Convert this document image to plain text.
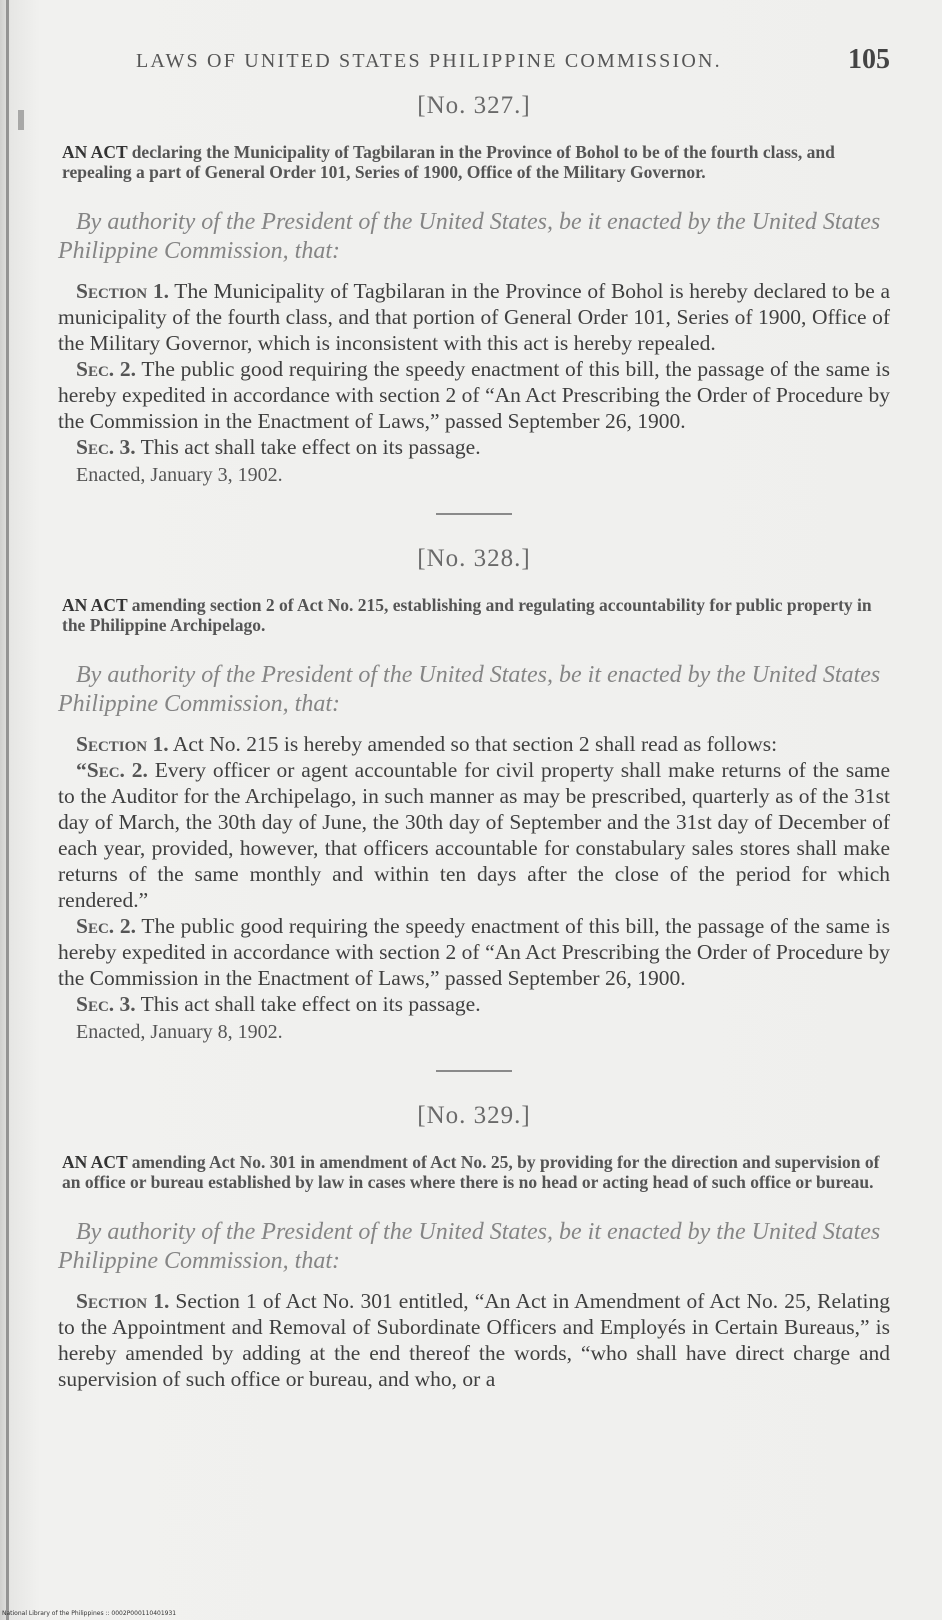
LAWS OF UNITED STATES PHILIPPINE COMMISSION.	105
[No. 327.]
AN ACT declaring the Municipality of Tagbilaran in the Province of Bohol to be of the fourth class, and repealing a part of General Order 101, Series of 1900, Office of the Military Governor.

By authority of the President of the United States, be it enacted by the United States Philippine Commission, that:

Section 1. The Municipality of Tagbilaran in the Province of Bohol is hereby declared to be a municipality of the fourth class, and that portion of General Order 101, Series of 1900, Office of the Military Governor, which is inconsistent with this act is hereby repealed.

Sec. 2. The public good requiring the speedy enactment of this bill, the passage of the same is hereby expedited in accordance with section 2 of “An Act Prescribing the Order of Procedure by the Commission in the Enactment of Laws,” passed September 26, 1900.

Sec. 3. This act shall take effect on its passage.

Enacted, January 3, 1902.

[No. 328.]
AN ACT amending section 2 of Act No. 215, establishing and regulating accountability for public property in the Philippine Archipelago.

By authority of the President of the United States, be it enacted by the United States Philippine Commission, that:

Section 1. Act No. 215 is hereby amended so that section 2 shall read as follows:

“Sec. 2. Every officer or agent accountable for civil property shall make returns of the same to the Auditor for the Archipelago, in such manner as may be prescribed, quarterly as of the 31st day of March, the 30th day of June, the 30th day of September and the 31st day of December of each year, provided, however, that officers accountable for constabulary sales stores shall make returns of the same monthly and within ten days after the close of the period for which rendered.”

Sec. 2. The public good requiring the speedy enactment of this bill, the passage of the same is hereby expedited in accordance with section 2 of “An Act Prescribing the Order of Procedure by the Commission in the Enactment of Laws,” passed September 26, 1900.

Sec. 3. This act shall take effect on its passage.

Enacted, January 8, 1902.

[No. 329.]
AN ACT amending Act No. 301 in amendment of Act No. 25, by providing for the direction and supervision of an office or bureau established by law in cases where there is no head or acting head of such office or bureau.

By authority of the President of the United States, be it enacted by the United States Philippine Commission, that:

Section 1. Section 1 of Act No. 301 entitled, “An Act in Amendment of Act No. 25, Relating to the Appointment and Removal of Subordinate Officers and Employés in Certain Bureaus,” is hereby amended by adding at the end thereof the words, “who shall have direct charge and supervision of such office or bureau, and who, or a

National Library of the Philippines :: 0002P000110401931
